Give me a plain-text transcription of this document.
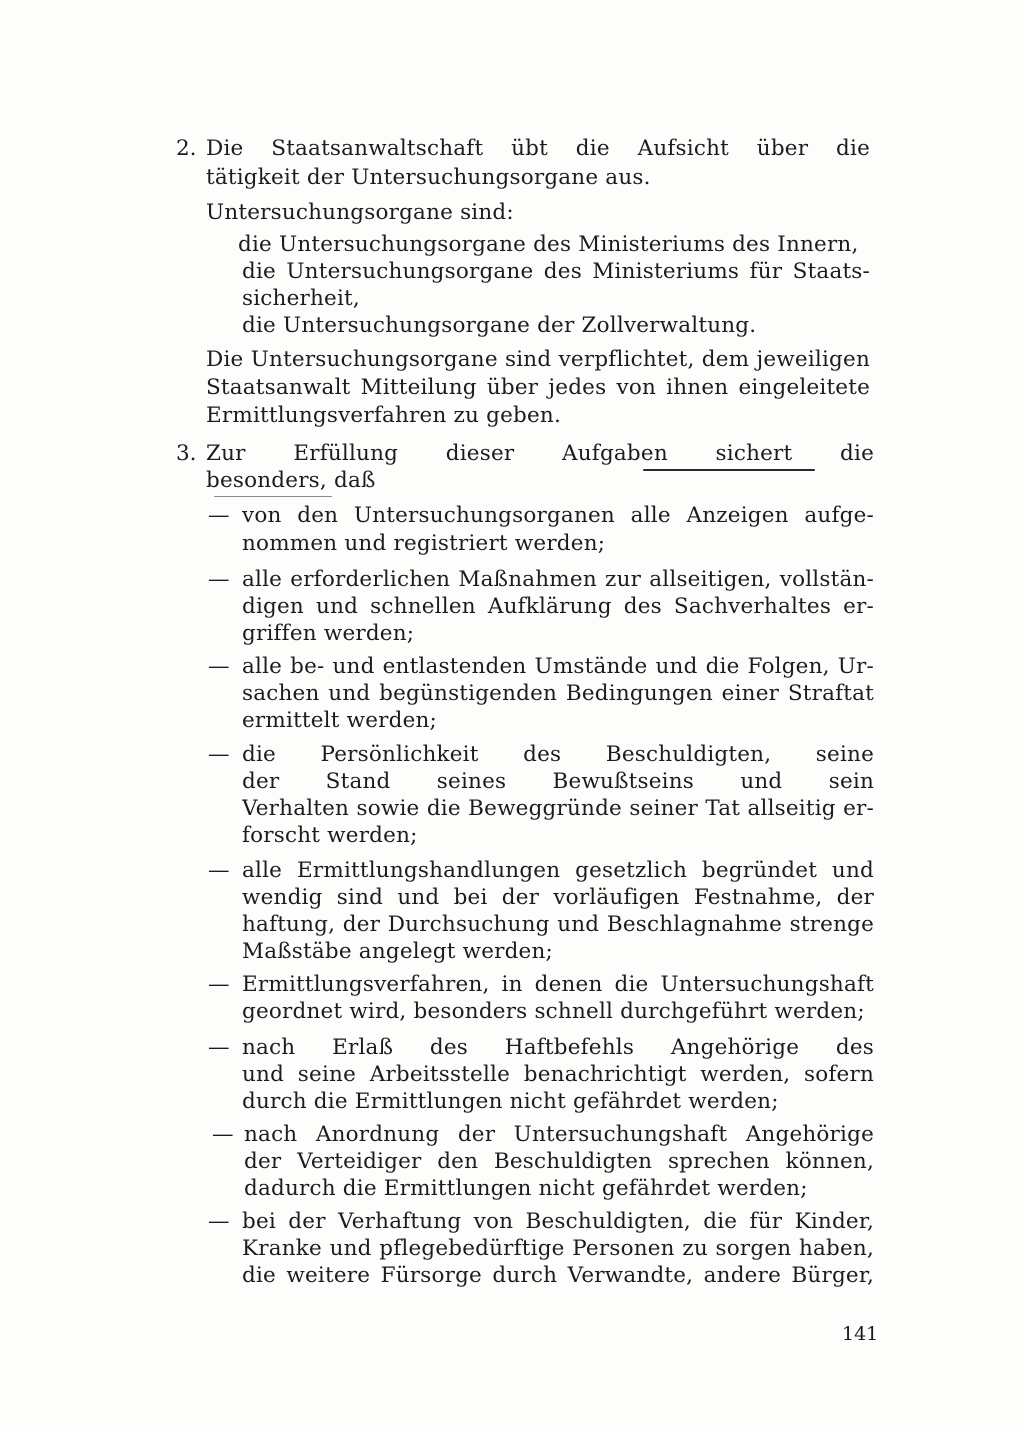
2. Die Staatsanwaltschaft übt die Aufsicht über die
tätigkeit der Untersuchungsorgane aus.
Untersuchungsorgane sind:
die Untersuchungsorgane des Ministeriums des Innern,
die Untersuchungsorgane des Ministeriums für Staats-
sicherheit,
die Untersuchungsorgane der Zollverwaltung.
Die Untersuchungsorgane sind verpflichtet, dem jeweiligen
Staatsanwalt Mitteilung über jedes von ihnen eingeleitete
Ermittlungsverfahren zu geben.
3. Zur Erfüllung dieser Aufgaben sichert die
besonders, daß
— von den Untersuchungsorganen alle Anzeigen aufge-
nommen und registriert werden;
— alle erforderlichen Maßnahmen zur allseitigen, vollstän-
digen und schnellen Aufklärung des Sachverhaltes er-
griffen werden;
— alle be- und entlastenden Umstände und die Folgen, Ur-
sachen und begünstigenden Bedingungen einer Straftat
ermittelt werden;
— die Persönlichkeit des Beschuldigten, seine
der Stand seines Bewußtseins und sein
Verhalten sowie die Beweggründe seiner Tat allseitig er-
forscht werden;
— alle Ermittlungshandlungen gesetzlich begründet und
wendig sind und bei der vorläufigen Festnahme, der
haftung, der Durchsuchung und Beschlagnahme strenge
Maßstäbe angelegt werden;
— Ermittlungsverfahren, in denen die Untersuchungshaft
geordnet wird, besonders schnell durchgeführt werden;
— nach Erlaß des Haftbefehls Angehörige des
und seine Arbeitsstelle benachrichtigt werden, sofern
durch die Ermittlungen nicht gefährdet werden;
— nach Anordnung der Untersuchungshaft Angehörige
der Verteidiger den Beschuldigten sprechen können,
dadurch die Ermittlungen nicht gefährdet werden;
— bei der Verhaftung von Beschuldigten, die für Kinder,
Kranke und pflegebedürftige Personen zu sorgen haben,
die weitere Fürsorge durch Verwandte, andere Bürger,
141
